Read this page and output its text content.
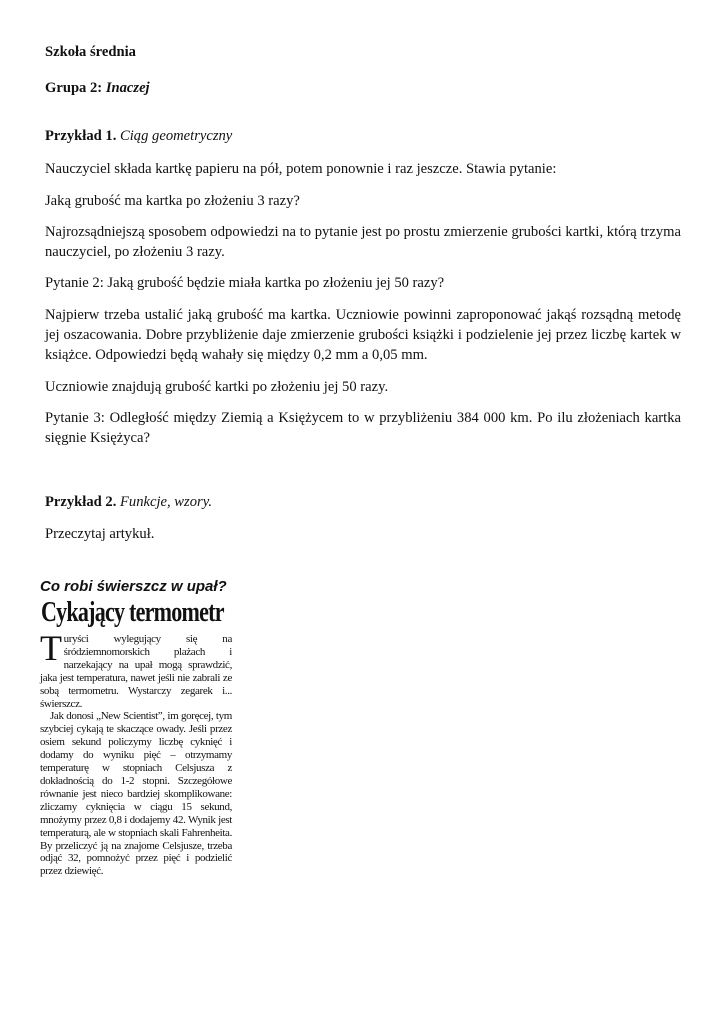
Szkoła średnia

Grupa 2: Inaczej

Przykład 1. Ciąg geometryczny

Nauczyciel składa kartkę papieru na pół, potem ponownie i raz jeszcze. Stawia pytanie:

Jaką grubość ma kartka po złożeniu 3 razy?

Najrozsądniejszą sposobem odpowiedzi na to pytanie jest po prostu zmierzenie grubości kartki, którą trzyma nauczyciel, po złożeniu 3 razy.

Pytanie 2: Jaką grubość będzie miała kartka po złożeniu jej 50 razy?

Najpierw trzeba ustalić jaką grubość ma kartka. Uczniowie powinni zaproponować jakąś rozsądną metodę jej oszacowania. Dobre przybliżenie daje zmierzenie grubości książki i podzielenie jej przez liczbę kartek w książce. Odpowiedzi będą wahały się między 0,2 mm a 0,05 mm.

Uczniowie znajdują grubość kartki po złożeniu jej 50 razy.

Pytanie 3: Odległość między Ziemią a Księżycem to w przybliżeniu 384 000 km. Po ilu złożeniach kartka sięgnie Księżyca?

Przykład 2. Funkcje, wzory.

Przeczytaj artykuł.

Co robi świerszcz w upał?

Cykający termometr

Turyści wylegujący się na śródziemnomorskich plażach i narzekający na upał mogą sprawdzić, jaka jest temperatura, nawet jeśli nie zabrali ze sobą termometru. Wystarczy zegarek i... świerszcz.

Jak donosi „New Scientist”, im goręcej, tym szybciej cykają te skaczące owady. Jeśli przez osiem sekund policzymy liczbę cyknięć i dodamy do wyniku pięć – otrzymamy temperaturę w stopniach Celsjusza z dokładnością do 1-2 stopni. Szczegółowe równanie jest nieco bardziej skomplikowane: zliczamy cyknięcia w ciągu 15 sekund, mnożymy przez 0,8 i dodajemy 42. Wynik jest temperaturą, ale w stopniach skali Fahrenheita. By przeliczyć ją na znajome Celsjusze, trzeba odjąć 32, pomnożyć przez pięć i podzielić przez dziewięć.
